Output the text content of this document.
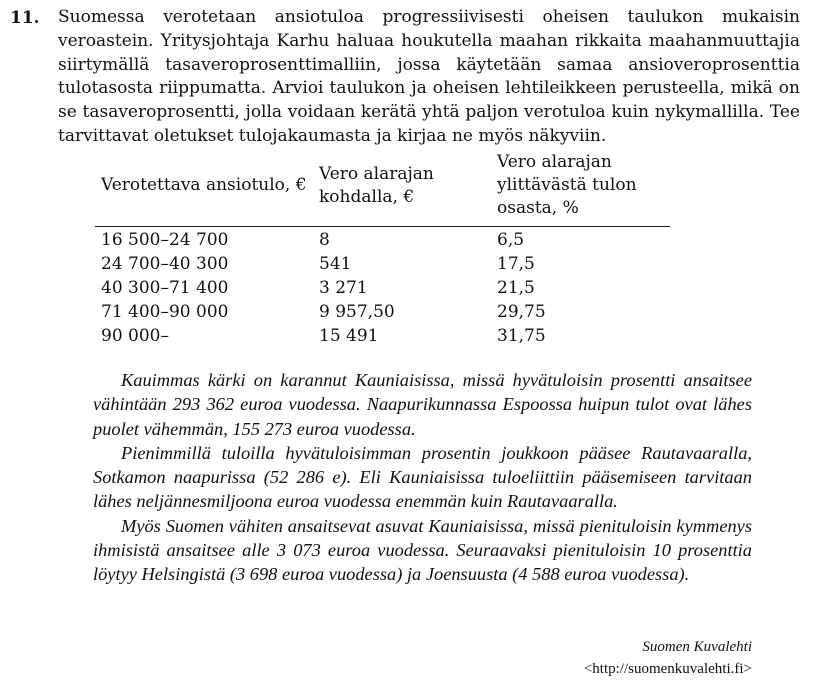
11. Suomessa verotetaan ansiotuloa progressiivisesti oheisen taulukon mukaisin veroastein. Yritysjohtaja Karhu haluaa houkutella maahan rikkaita maahanmuuttajia siirtymällä tasaveroprosenttimalliin, jossa käytetään samaa ansioveroprosenttia tulotasosta riippumatta. Arvioi taulukon ja oheisen lehtileikkeen perusteella, mikä on se tasaveroprosentti, jolla voidaan kerätä yhtä paljon verotuloa kuin nykymallilla. Tee tarvittavat oletukset tulojakaumasta ja kirjaa ne myös näkyviin.
Verotettava ansiotulo, €	Vero alarajan kohdalla, €	Vero alarajan ylittävästä tulon osasta, %
16 500–24 700	8	6,5
24 700–40 300	541	17,5
40 300–71 400	3 271	21,5
71 400–90 000	9 957,50	29,75
90 000–	15 491	31,75

Kauimmas kärki on karannut Kauniaisissa, missä hyvätuloisin prosentti ansaitsee vähintään 293 362 euroa vuodessa. Naapurikunnassa Espoossa huipun tulot ovat lähes puolet vähemmän, 155 273 euroa vuodessa.

Pienimmillä tuloilla hyvätuloisimman prosentin joukkoon pääsee Rautavaaralla, Sotkamon naapurissa (52 286 e). Eli Kauniaisissa tuloeliittiin pääsemiseen tarvitaan lähes neljännesmiljoona euroa vuodessa enemmän kuin Rautavaaralla.

Myös Suomen vähiten ansaitsevat asuvat Kauniaisissa, missä pienituloisin kymmenys ihmisistä ansaitsee alle 3 073 euroa vuodessa. Seuraavaksi pienituloisin 10 prosenttia löytyy Helsingistä (3 698 euroa vuodessa) ja Joensuusta (4 588 euroa vuodessa).

Suomen Kuvalehti
<http://suomenkuvalehti.fi>
